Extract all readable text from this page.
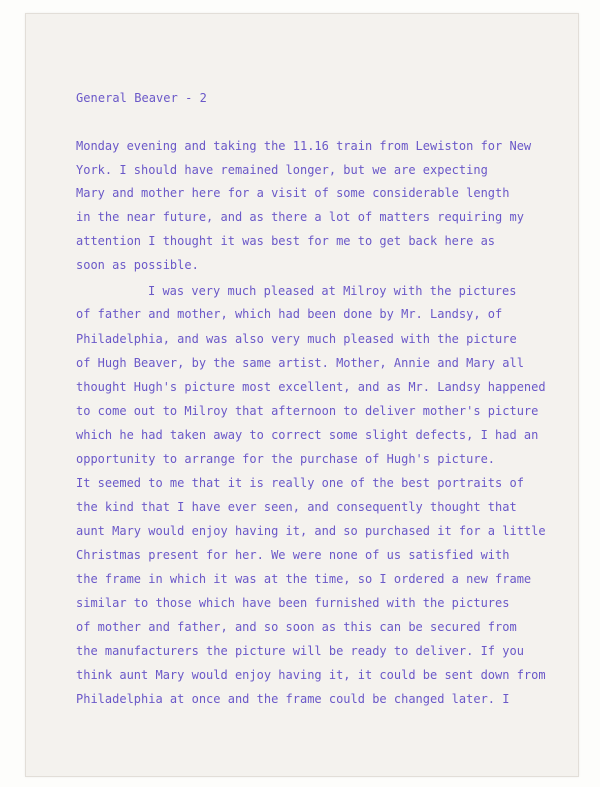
General Beaver - 2

Monday evening and taking the 11.16 train from Lewiston for New

York. I should have remained longer, but we are expecting

Mary and mother here for a visit of some considerable length

in the near future, and as there a lot of matters requiring my

attention I thought it was best for me to get back here as

soon as possible.

I was very much pleased at Milroy with the pictures

of father and mother, which had been done by Mr. Landsy, of

Philadelphia, and was also very much pleased with the picture

of Hugh Beaver, by the same artist. Mother, Annie and Mary all

thought Hugh's picture most excellent, and as Mr. Landsy happened

to come out to Milroy that afternoon to deliver mother's picture

which he had taken away to correct some slight defects, I had an

opportunity to arrange for the purchase of Hugh's picture.

It seemed to me that it is really one of the best portraits of

the kind that I have ever seen, and consequently thought that

aunt Mary would enjoy having it, and so purchased it for a little

Christmas present for her. We were none of us satisfied with

the frame in which it was at the time, so I ordered a new frame

similar to those which have been furnished with the pictures

of mother and father, and so soon as this can be secured from

the manufacturers the picture will be ready to deliver. If you

think aunt Mary would enjoy having it, it could be sent down from

Philadelphia at once and the frame could be changed later. I
